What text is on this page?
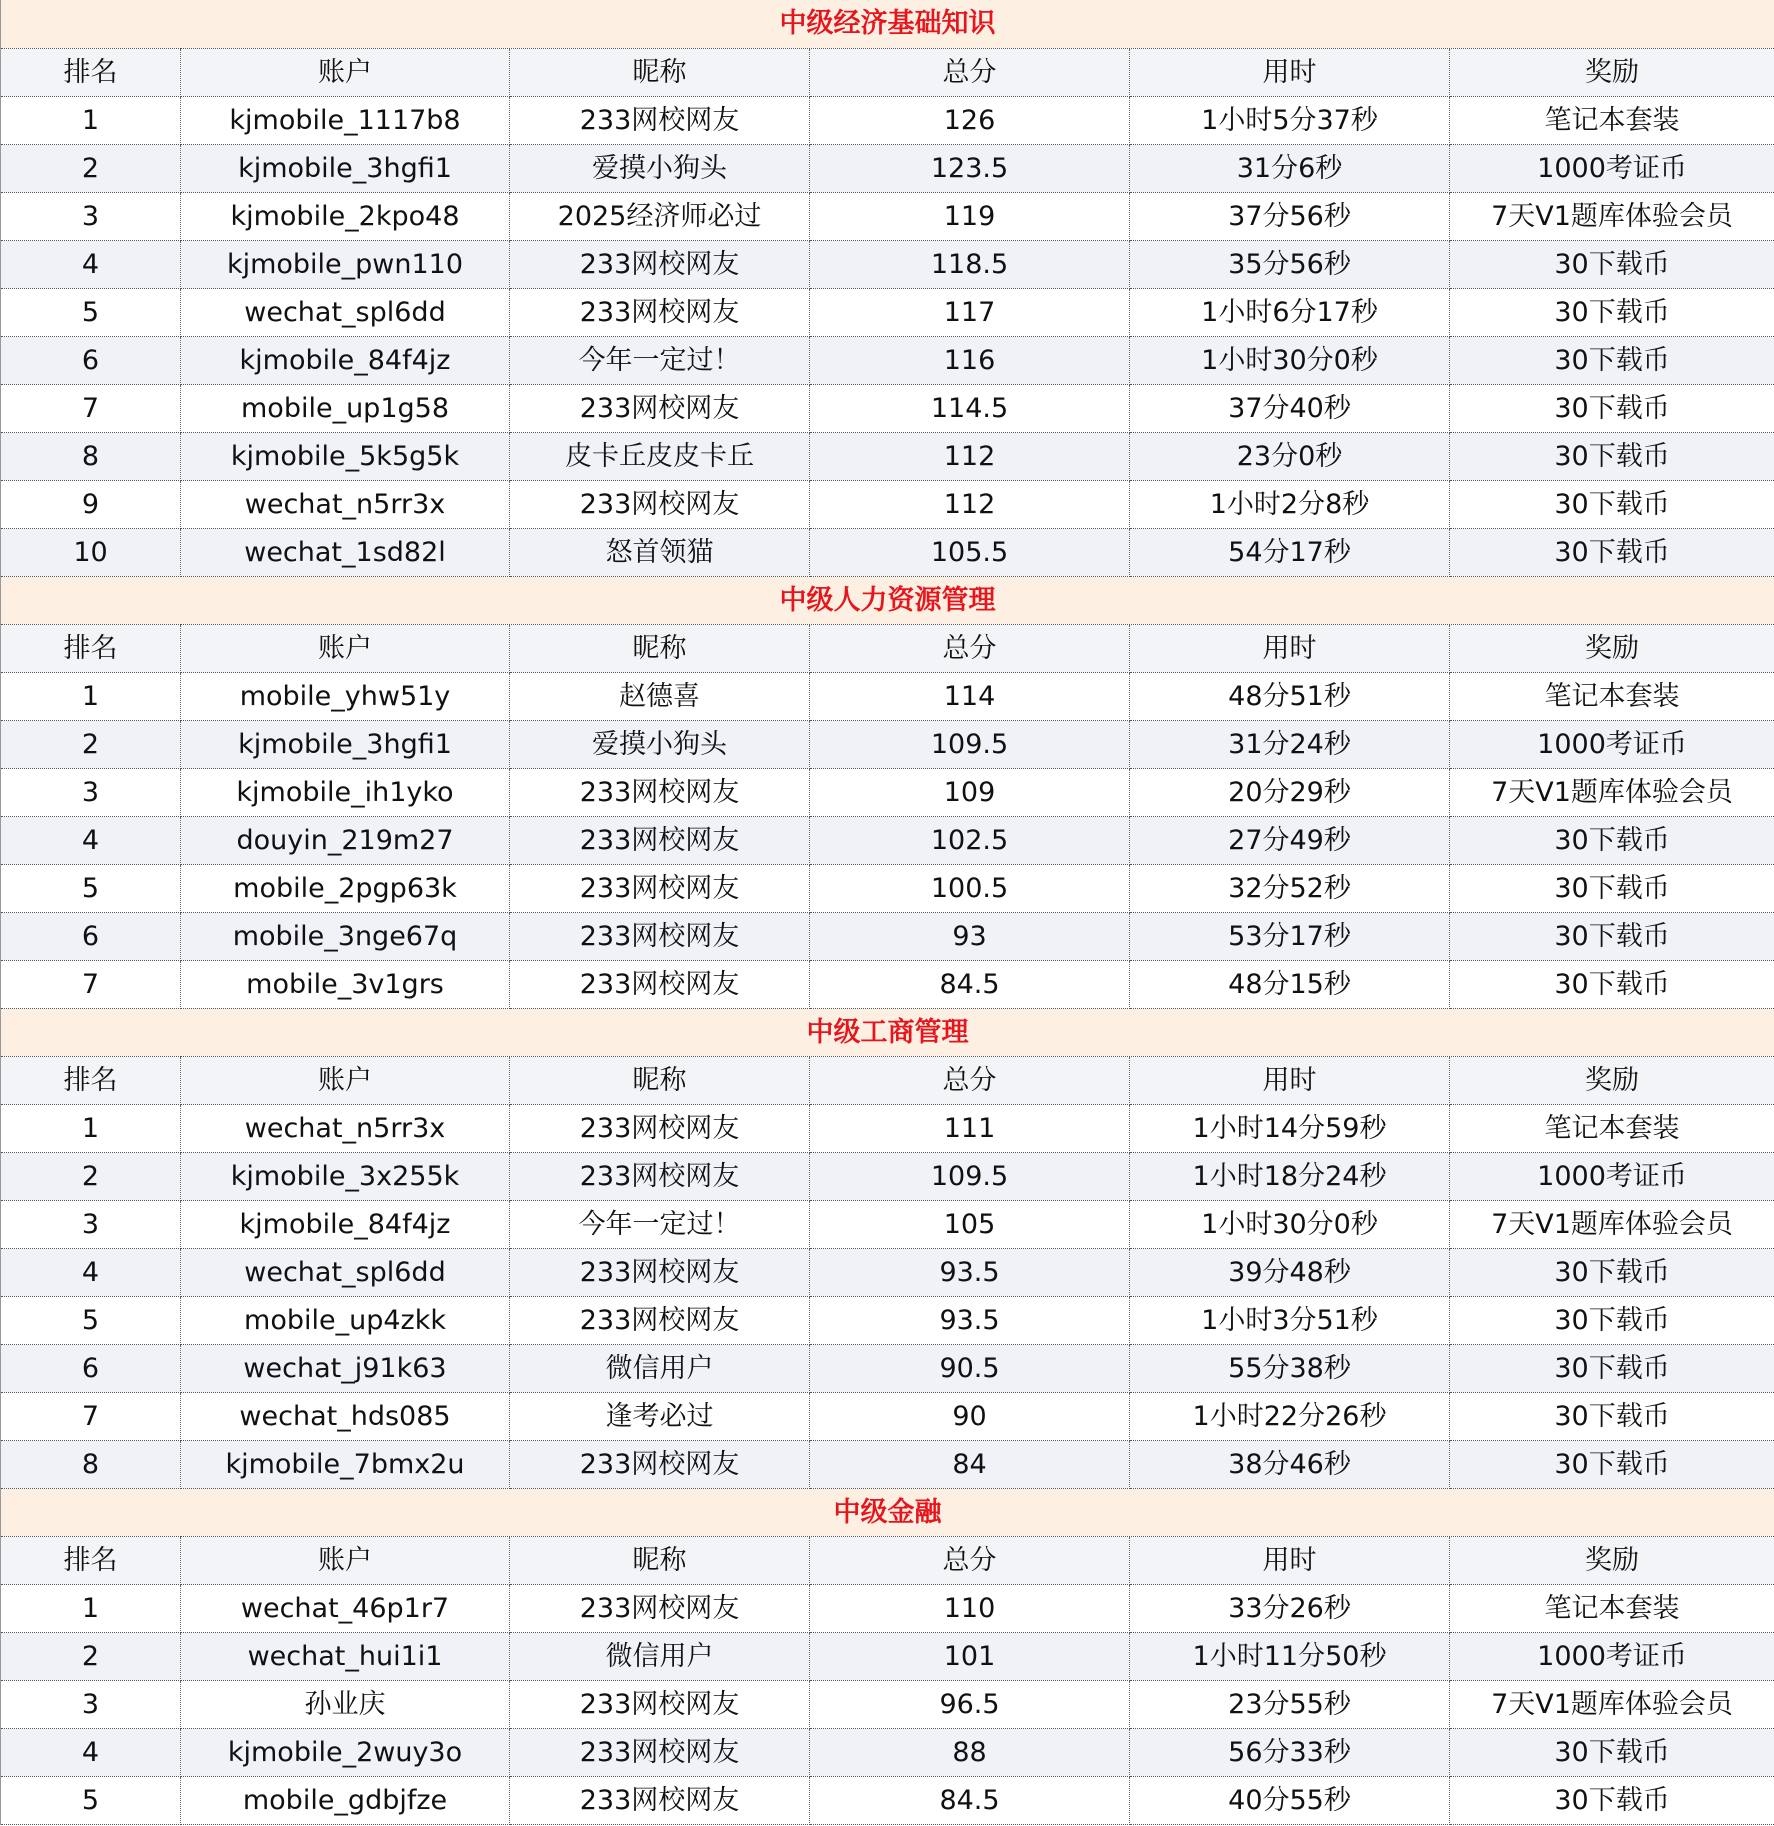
中级经济基础知识					
排名	账户	昵称	总分	用时	奖励
1	kjmobile_1117b8	233网校网友	126	1小时5分37秒	笔记本套装
2	kjmobile_3hgfi1	爱摸小狗头	123.5	31分6秒	1000考证币
3	kjmobile_2kpo48	2025经济师必过	119	37分56秒	7天V1题库体验会员
4	kjmobile_pwn110	233网校网友	118.5	35分56秒	30下载币
5	wechat_spl6dd	233网校网友	117	1小时6分17秒	30下载币
6	kjmobile_84f4jz	今年一定过！	116	1小时30分0秒	30下载币
7	mobile_up1g58	233网校网友	114.5	37分40秒	30下载币
8	kjmobile_5k5g5k	皮卡丘皮皮卡丘	112	23分0秒	30下载币
9	wechat_n5rr3x	233网校网友	112	1小时2分8秒	30下载币
10	wechat_1sd82l	怒首领猫	105.5	54分17秒	30下载币
中级人力资源管理					
排名	账户	昵称	总分	用时	奖励
1	mobile_yhw51y	赵德喜	114	48分51秒	笔记本套装
2	kjmobile_3hgfi1	爱摸小狗头	109.5	31分24秒	1000考证币
3	kjmobile_ih1yko	233网校网友	109	20分29秒	7天V1题库体验会员
4	douyin_219m27	233网校网友	102.5	27分49秒	30下载币
5	mobile_2pgp63k	233网校网友	100.5	32分52秒	30下载币
6	mobile_3nge67q	233网校网友	93	53分17秒	30下载币
7	mobile_3v1grs	233网校网友	84.5	48分15秒	30下载币
中级工商管理					
排名	账户	昵称	总分	用时	奖励
1	wechat_n5rr3x	233网校网友	111	1小时14分59秒	笔记本套装
2	kjmobile_3x255k	233网校网友	109.5	1小时18分24秒	1000考证币
3	kjmobile_84f4jz	今年一定过！	105	1小时30分0秒	7天V1题库体验会员
4	wechat_spl6dd	233网校网友	93.5	39分48秒	30下载币
5	mobile_up4zkk	233网校网友	93.5	1小时3分51秒	30下载币
6	wechat_j91k63	微信用户	90.5	55分38秒	30下载币
7	wechat_hds085	逢考必过	90	1小时22分26秒	30下载币
8	kjmobile_7bmx2u	233网校网友	84	38分46秒	30下载币
中级金融					
排名	账户	昵称	总分	用时	奖励
1	wechat_46p1r7	233网校网友	110	33分26秒	笔记本套装
2	wechat_hui1i1	微信用户	101	1小时11分50秒	1000考证币
3	孙业庆	233网校网友	96.5	23分55秒	7天V1题库体验会员
4	kjmobile_2wuy3o	233网校网友	88	56分33秒	30下载币
5	mobile_gdbjfze	233网校网友	84.5	40分55秒	30下载币
